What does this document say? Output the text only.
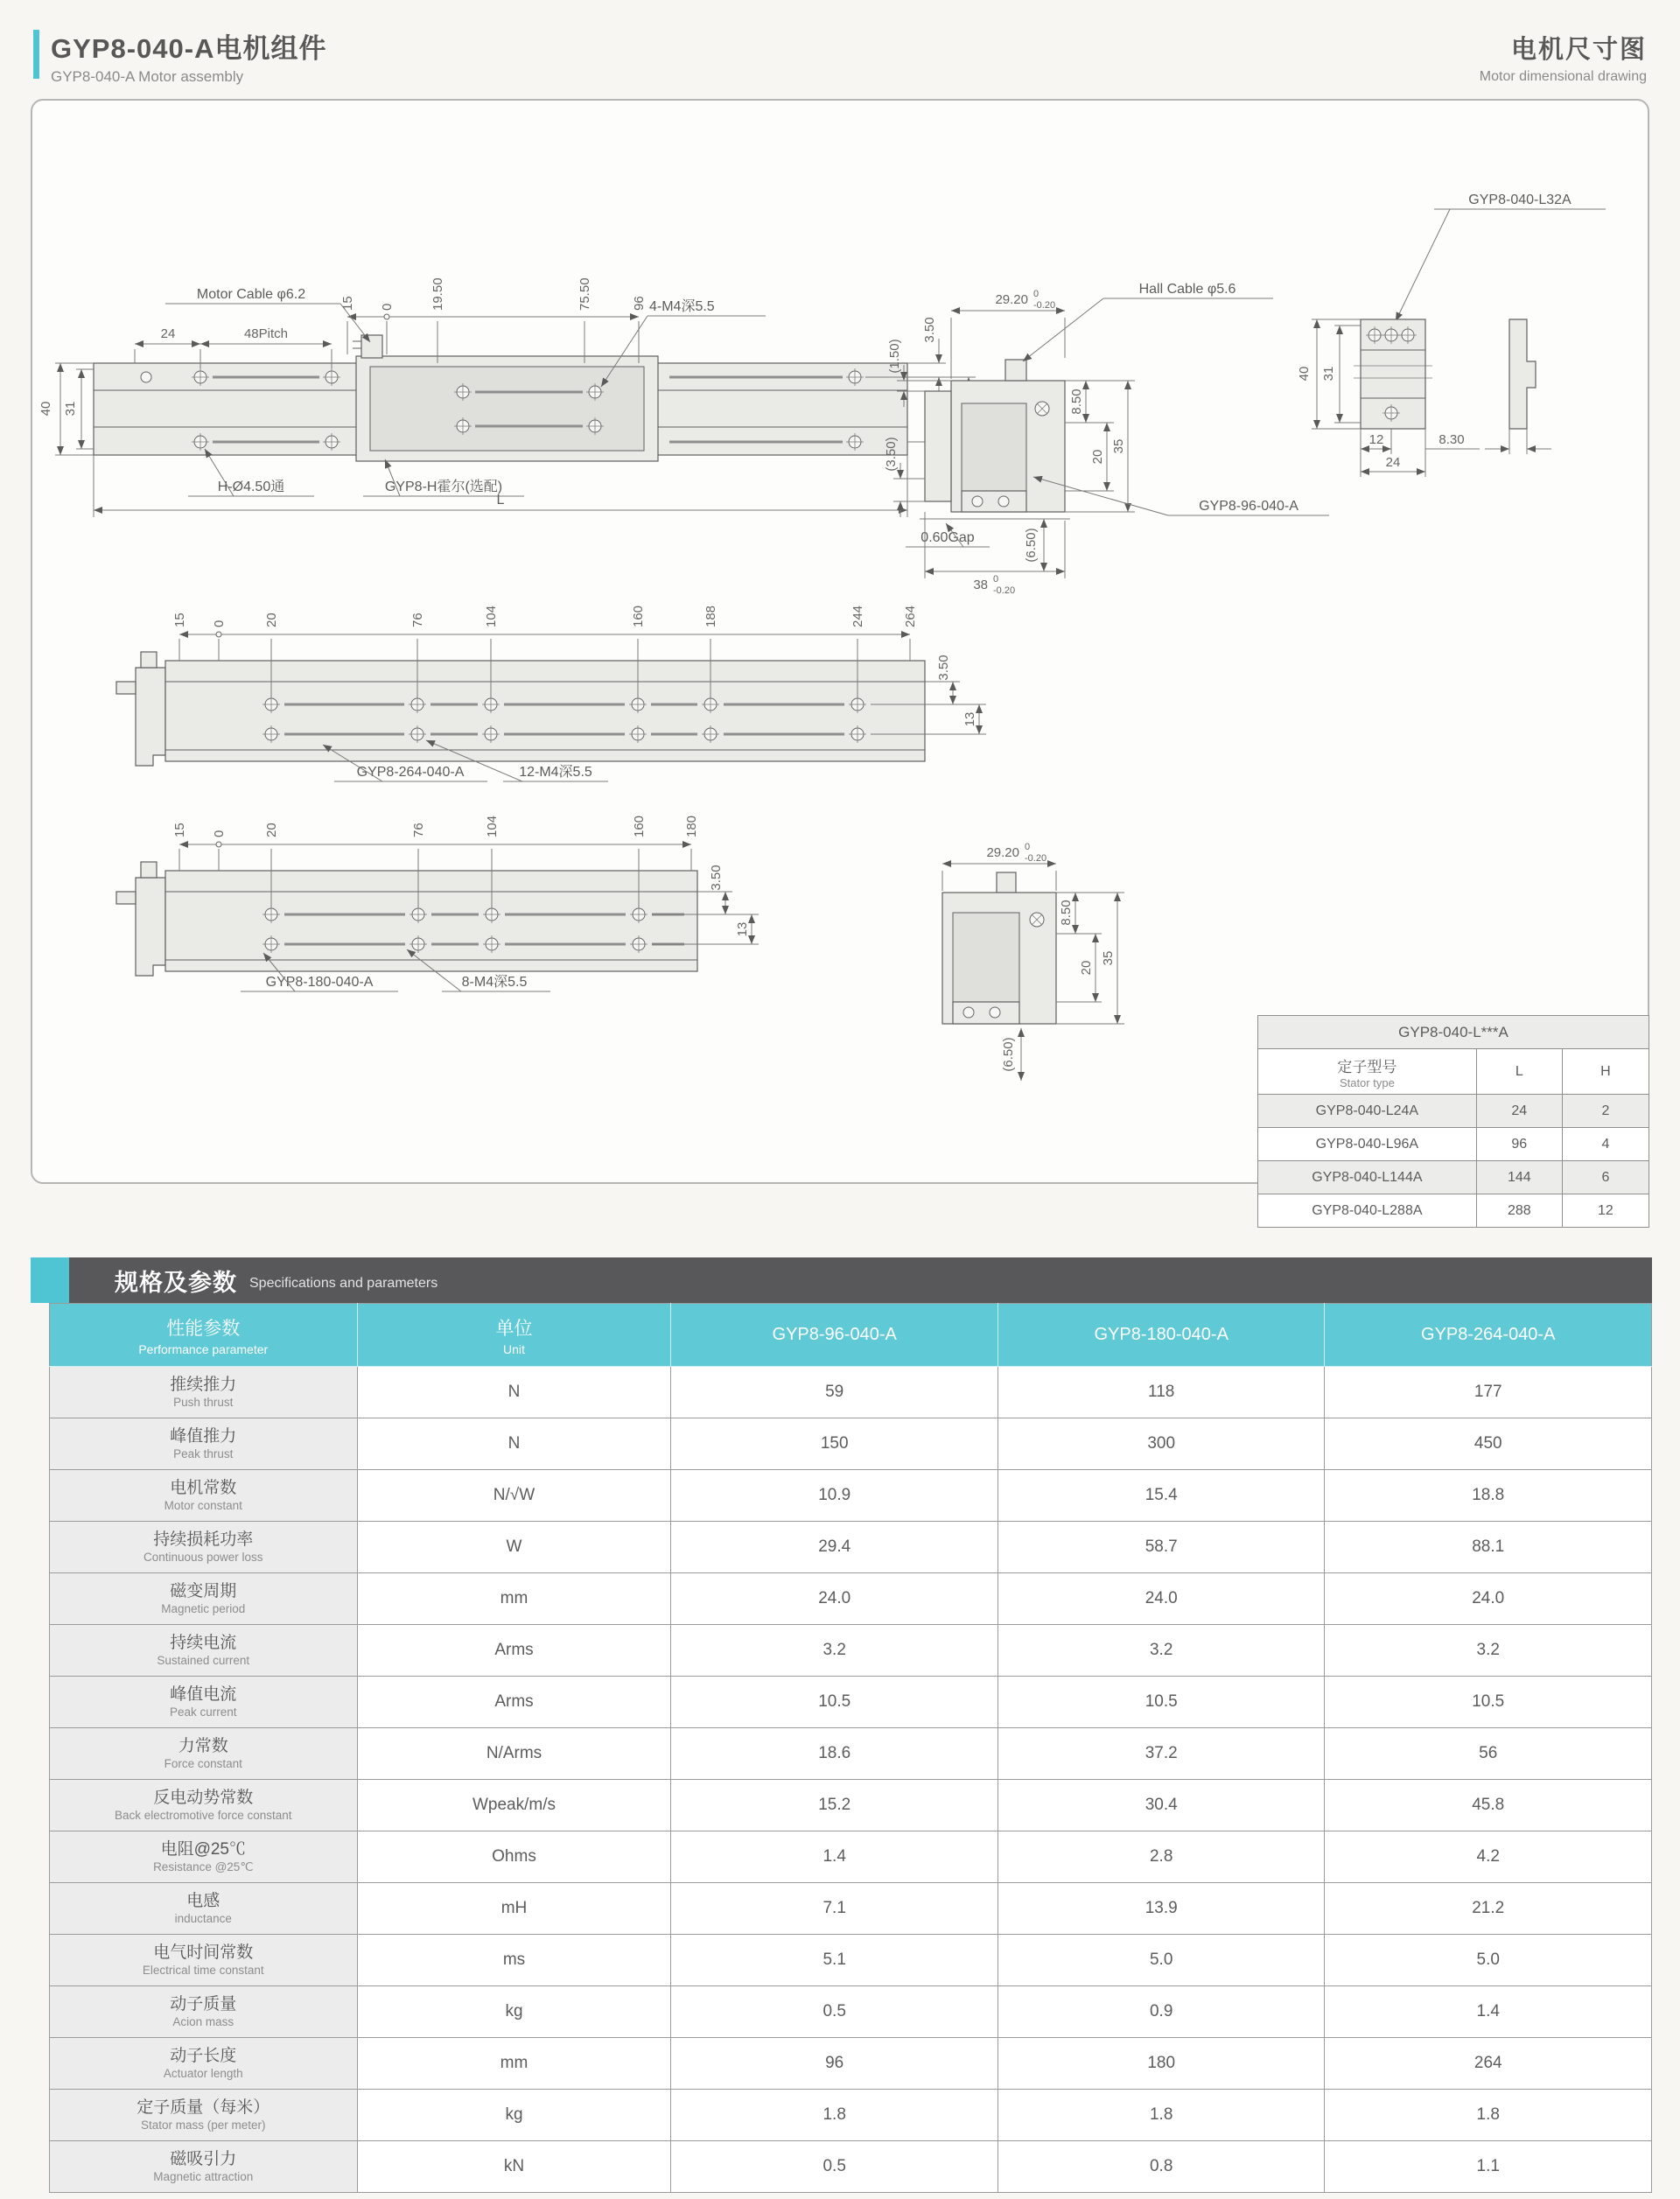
GYP8-040-A电机组件
GYP8-040-A Motor assembly
电机尺寸图
Motor dimensional drawing
40 31
24	48Pitch
15 0	19.50	75.50	96
Motor Cable φ6.2
4-M4深5.5
3.50
H-Ø4.50通	GYP8-H霍尔(选配)
L
29.20 0
-0.20
Hall Cable φ5.6
(1.50)
(3.50)
8.50
20
35
0.60Gap
38 0
-0.20
(6.50)
GYP8-96-040-A
GYP8-040-L32A
40 31
12
24
8.30
15 0	20	76	104	160	188	244	264
3.50
13
GYP8-264-040-A	12-M4深5.5
15 0	20	76	104	160	180
3.50
13
GYP8-180-040-A	8-M4深5.5
29.20 0
-0.20
8.50
20
35
(6.50)
GYP8-040-L***A
定子型号
Stator type
L	H
GYP8-040-L24A	24	2
GYP8-040-L96A	96	4
GYP8-040-L144A	144	6
GYP8-040-L288A	288	12
规格及参数 Specifications and parameters
性能参数
Performance parameter

单位
Unit

GYP8-96-040-A	GYP8-180-040-A	GYP8-264-040-A

推续推力
Push thrust	N	59	118	177

峰值推力
Peak thrust	N	150	300	450

电机常数
Motor constant	N/√W	10.9	15.4	18.8

持续损耗功率
Continuous power loss	W	29.4	58.7	88.1

磁变周期
Magnetic period	mm	24.0	24.0	24.0

持续电流
Sustained current	Arms	3.2	3.2	3.2

峰值电流
Peak current	Arms	10.5	10.5	10.5

力常数
Force constant	N/Arms	18.6	37.2	56

反电动势常数
Back electromotive force constant	Wpeak/m/s	15.2	30.4	45.8

电阻@25℃
Resistance @25℃	Ohms	1.4	2.8	4.2

电感
inductance	mH	7.1	13.9	21.2

电气时间常数
Electrical time constant	ms	5.1	5.0	5.0

动子质量
Acion mass	kg	0.5	0.9	1.4

动子长度
Actuator length	mm	96	180	264

定子质量（每米）
Stator mass (per meter)	kg	1.8	1.8	1.8

磁吸引力
Magnetic attraction	kN	0.5	0.8	1.1
